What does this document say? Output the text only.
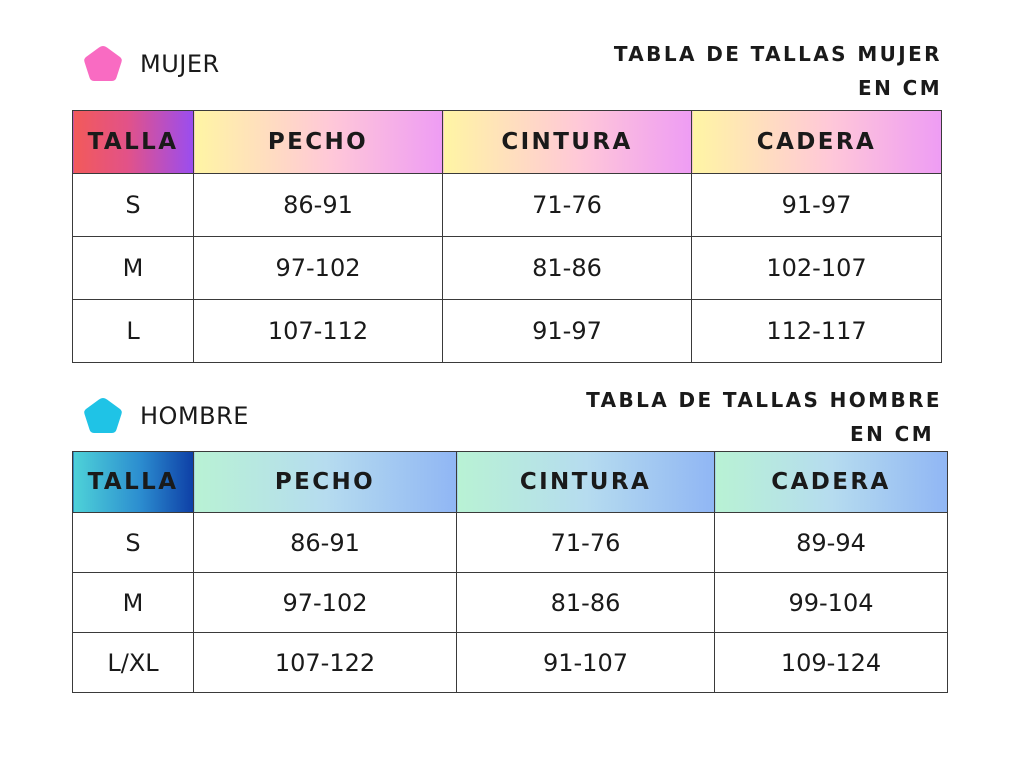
MUJER	TABLA DE TALLAS MUJER
EN CM
TALLA	PECHO	CINTURA	CADERA
S	86-91	71-76	91-97
M	97-102	81-86	102-107
L	107-112	91-97	112-117
HOMBRE
TABLA DE TALLAS HOMBRE
EN CM
TALLA	PECHO	CINTURA	CADERA
S	86-91	71-76	89-94
M	97-102	81-86	99-104
L/XL	107-122	91-107	109-124
